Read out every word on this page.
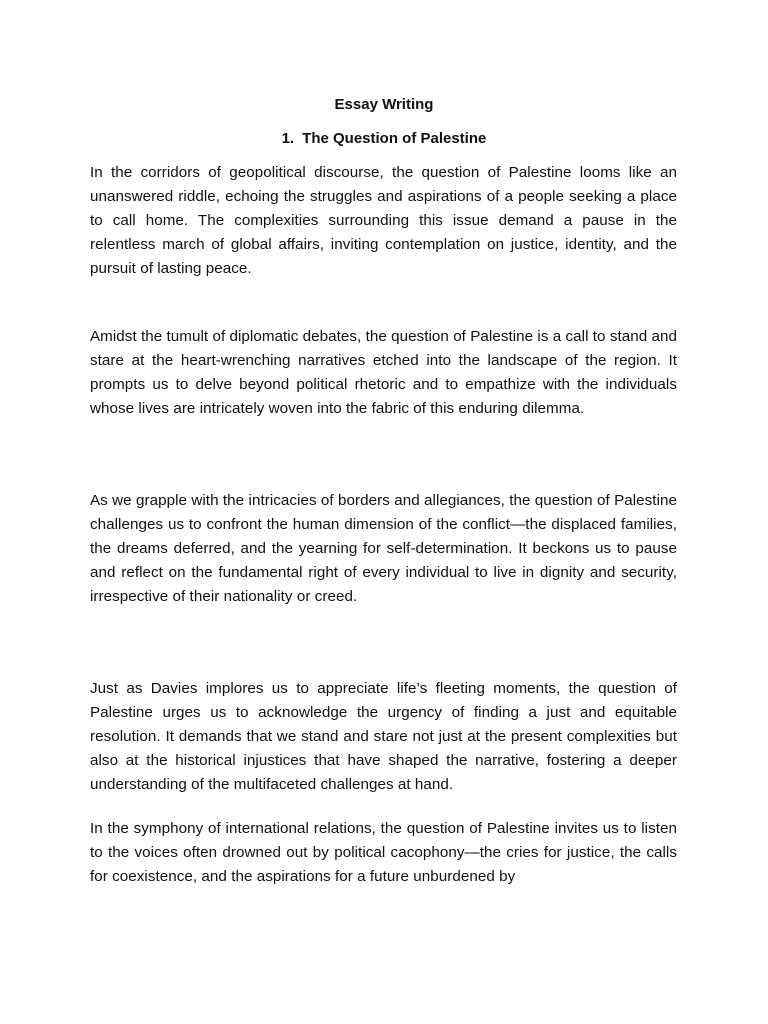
Essay Writing
1. The Question of Palestine

In the corridors of geopolitical discourse, the question of Palestine looms like an unanswered riddle, echoing the struggles and aspirations of a people seeking a place to call home. The complexities surrounding this issue demand a pause in the relentless march of global affairs, inviting contemplation on justice, identity, and the pursuit of lasting peace.

Amidst the tumult of diplomatic debates, the question of Palestine is a call to stand and stare at the heart-wrenching narratives etched into the landscape of the region. It prompts us to delve beyond political rhetoric and to empathize with the individuals whose lives are intricately woven into the fabric of this enduring dilemma.

As we grapple with the intricacies of borders and allegiances, the question of Palestine challenges us to confront the human dimension of the conflict—the displaced families, the dreams deferred, and the yearning for self-determination. It beckons us to pause and reflect on the fundamental right of every individual to live in dignity and security, irrespective of their nationality or creed.

Just as Davies implores us to appreciate life’s fleeting moments, the question of Palestine urges us to acknowledge the urgency of finding a just and equitable resolution. It demands that we stand and stare not just at the present complexities but also at the historical injustices that have shaped the narrative, fostering a deeper understanding of the multifaceted challenges at hand.

In the symphony of international relations, the question of Palestine invites us to listen to the voices often drowned out by political cacophony—the cries for justice, the calls for coexistence, and the aspirations for a future unburdened by
